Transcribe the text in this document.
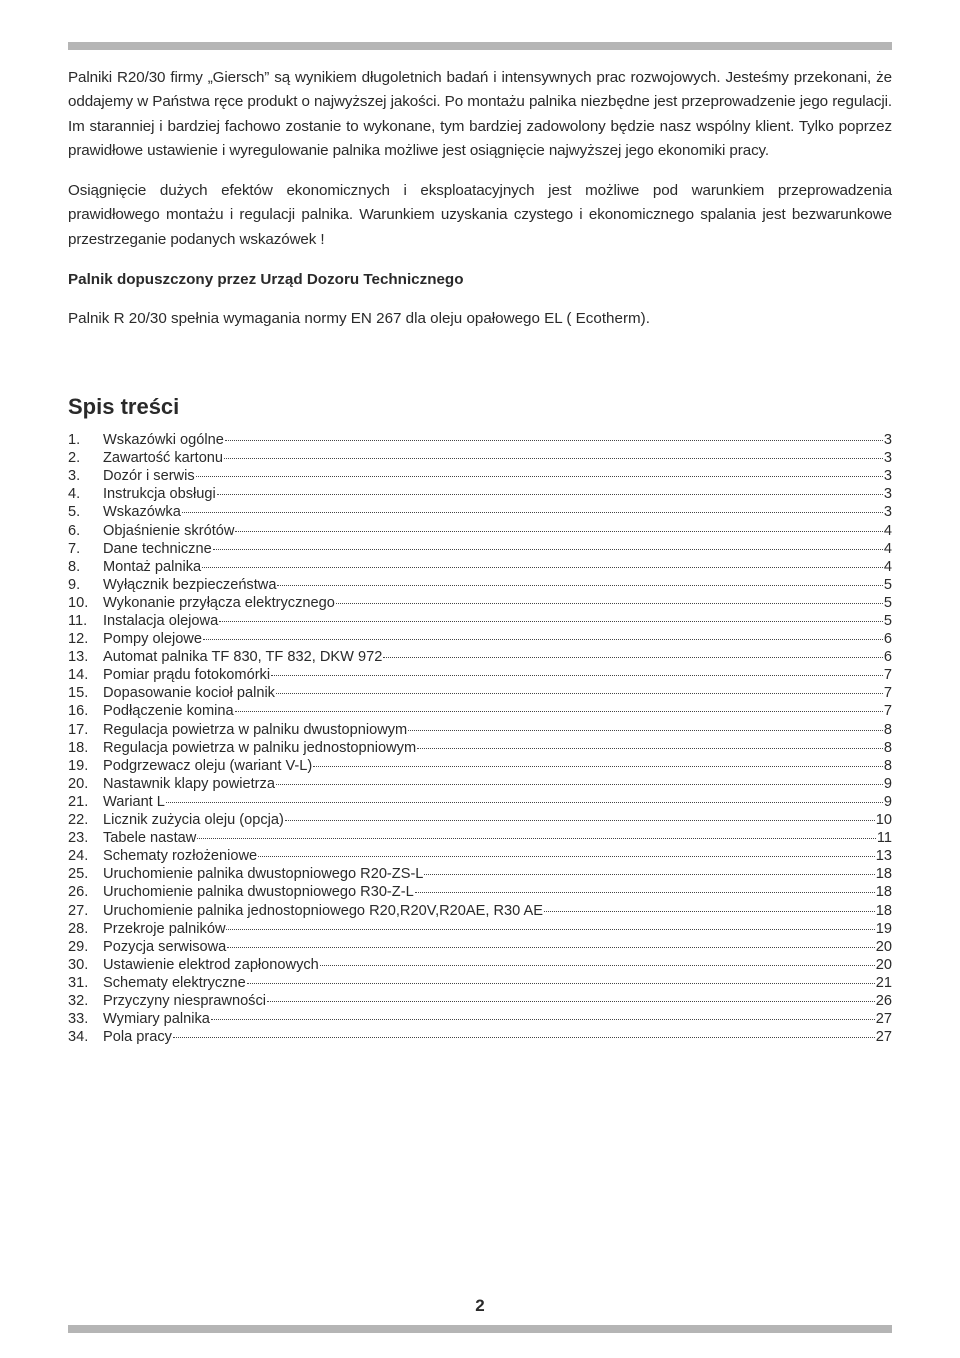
Palniki R20/30 firmy „Giersch” są wynikiem długoletnich badań i intensywnych prac rozwojowych. Jesteśmy przekonani, że oddajemy w Państwa ręce produkt o najwyższej jakości. Po montażu palnika niezbędne jest przeprowadzenie jego regulacji. Im staranniej i bardziej fachowo zostanie to wykonane, tym bardziej zadowolony będzie nasz wspólny klient. Tylko poprzez prawidłowe ustawienie i wyregulowanie palnika możliwe jest osiągnięcie najwyższej jego ekonomiki pracy.

Osiągnięcie dużych efektów ekonomicznych i eksploatacyjnych jest możliwe pod warunkiem przeprowadzenia prawidłowego montażu i regulacji palnika. Warunkiem uzyskania czystego i ekonomicznego spalania jest bezwarunkowe przestrzeganie podanych wskazówek !

Palnik dopuszczony przez Urząd Dozoru Technicznego

Palnik R 20/30 spełnia wymagania normy EN 267 dla oleju opałowego EL ( Ecotherm).

Spis treści
1.	Wskazówki ogólne	3
2.	Zawartość kartonu	3
3.	Dozór i serwis	3
4.	Instrukcja obsługi	3
5.	Wskazówka	3
6.	Objaśnienie skrótów	4
7.	Dane techniczne	4
8.	Montaż palnika	4
9.	Wyłącznik bezpieczeństwa	5
10.	Wykonanie przyłącza elektrycznego	5
11.	Instalacja olejowa	5
12.	Pompy olejowe	6
13.	Automat palnika TF 830, TF 832, DKW 972	6
14.	Pomiar prądu fotokomórki	7
15.	Dopasowanie kocioł palnik	7
16.	Podłączenie komina	7
17.	Regulacja powietrza w palniku dwustopniowym	8
18.	Regulacja powietrza w palniku jednostopniowym	8
19.	Podgrzewacz oleju (wariant V-L)	8
20.	Nastawnik klapy powietrza	9
21.	Wariant L	9
22.	Licznik zużycia oleju (opcja)	10
23.	Tabele nastaw	11
24.	Schematy rozłożeniowe	13
25.	Uruchomienie palnika dwustopniowego R20-ZS-L	18
26.	Uruchomienie palnika dwustopniowego R30-Z-L	18
27.	Uruchomienie palnika jednostopniowego R20,R20V,R20AE, R30 AE	18
28.	Przekroje palników	19
29.	Pozycja serwisowa	20
30.	Ustawienie elektrod zapłonowych	20
31.	Schematy elektryczne	21
32.	Przyczyny niesprawności	26
33.	Wymiary palnika	27
34.	Pola pracy	27
2
